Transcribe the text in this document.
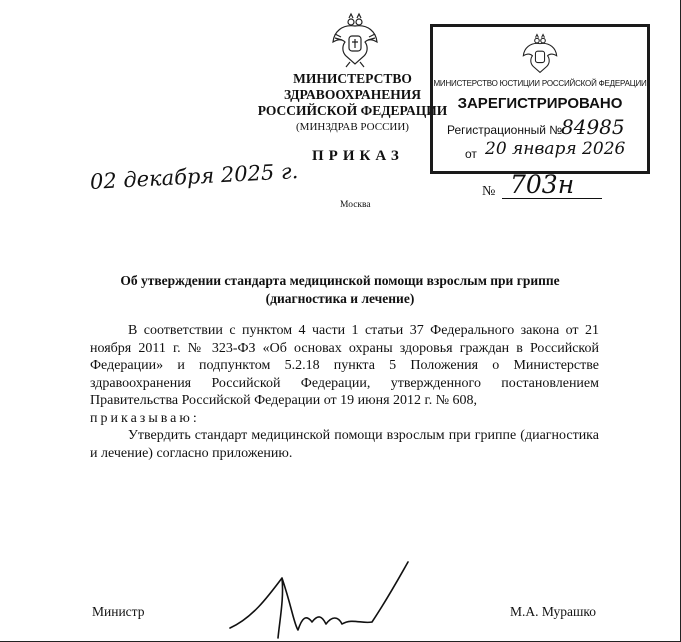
МИНИСТЕРСТВО ЗДРАВООХРАНЕНИЯ
РОССИЙСКОЙ ФЕДЕРАЦИИ
(МИНЗДРАВ РОССИИ)
МИНИСТЕРСТВО ЮСТИЦИИ РОССИЙСКОЙ ФЕДЕРАЦИИ
ЗАРЕГИСТРИРОВАНО
Регистрационный №
84985
от 20 января 2026
ПРИКАЗ
02 декабря 2025 г.
Москва
№ 703н
Об утверждении стандарта медицинской помощи взрослым при гриппе
(диагностика и лечение)

В соответствии с пунктом 4 части 1 статьи 37 Федерального закона от 21 ноября 2011 г. № 323-ФЗ «Об основах охраны здоровья граждан в Российской Федерации» и подпунктом 5.2.18 пункта 5 Положения о Министерстве здравоохранения Российской Федерации, утвержденного постановлением Правительства Российской Федерации от 19 июня 2012 г. № 608,

приказываю:

Утвердить стандарт медицинской помощи взрослым при гриппе (диагностика и лечение) согласно приложению.

Министр	М.А. Мурашко
